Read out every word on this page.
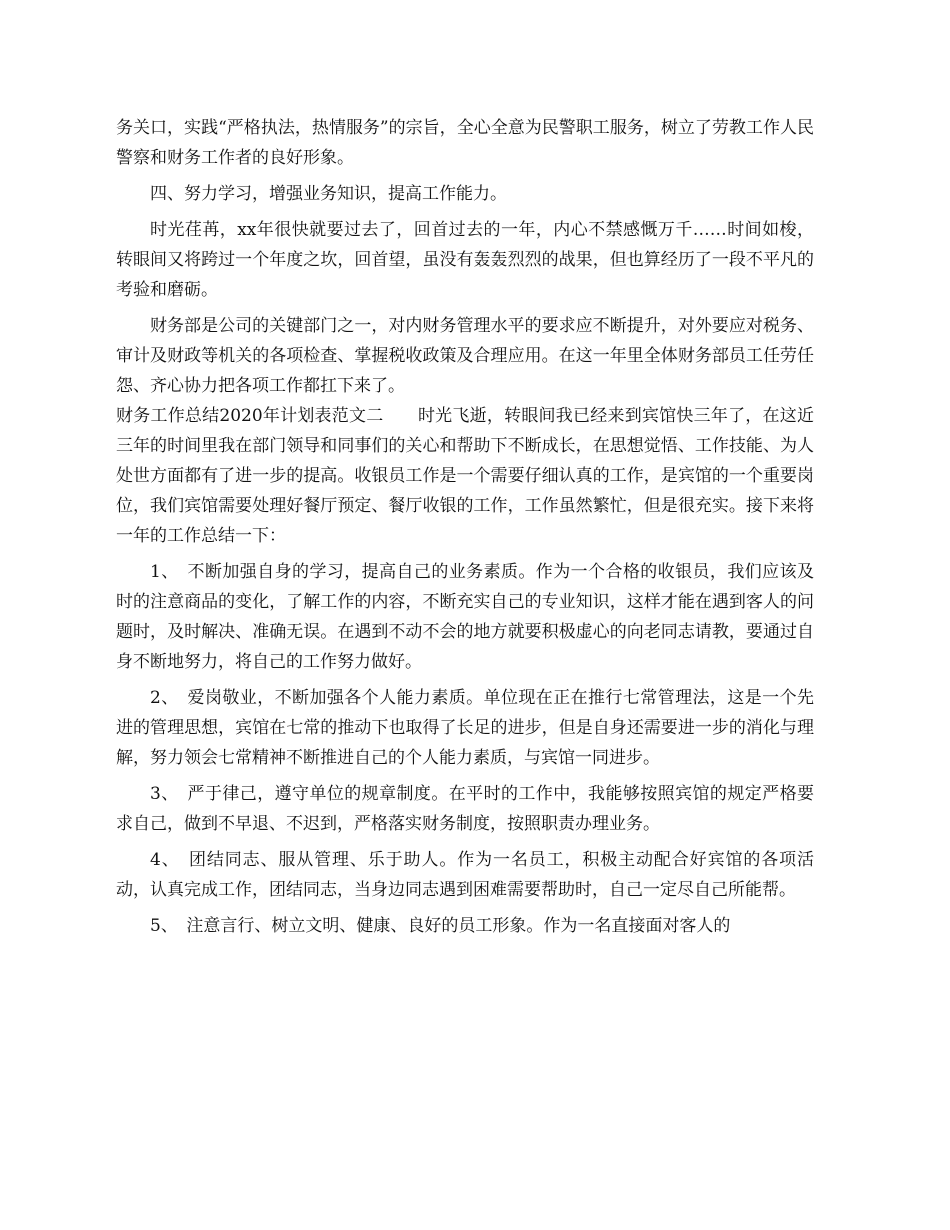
务关口，实践“严格执法，热情服务”的宗旨，全心全意为民警职工服务，树立了劳教工作人民警察和财务工作者的良好形象。

四、努力学习，增强业务知识，提高工作能力。

时光荏苒，xx年很快就要过去了，回首过去的一年，内心不禁感慨万千……时间如梭，转眼间又将跨过一个年度之坎，回首望，虽没有轰轰烈烈的战果，但也算经历了一段不平凡的考验和磨砺。

财务部是公司的关键部门之一，对内财务管理水平的要求应不断提升，对外要应对税务、审计及财政等机关的各项检查、掌握税收政策及合理应用。在这一年里全体财务部员工任劳任怨、齐心协力把各项工作都扛下来了。

财务工作总结2020年计划表范文二　　时光飞逝，转眼间我已经来到宾馆快三年了，在这近三年的时间里我在部门领导和同事们的关心和帮助下不断成长，在思想觉悟、工作技能、为人处世方面都有了进一步的提高。收银员工作是一个需要仔细认真的工作，是宾馆的一个重要岗位，我们宾馆需要处理好餐厅预定、餐厅收银的工作，工作虽然繁忙，但是很充实。接下来将一年的工作总结一下：

1、　不断加强自身的学习，提高自己的业务素质。作为一个合格的收银员，我们应该及时的注意商品的变化，了解工作的内容，不断充实自己的专业知识，这样才能在遇到客人的问题时，及时解决、准确无误。在遇到不动不会的地方就要积极虚心的向老同志请教，要通过自身不断地努力，将自己的工作努力做好。

2、　爱岗敬业，不断加强各个人能力素质。单位现在正在推行七常管理法，这是一个先进的管理思想，宾馆在七常的推动下也取得了长足的进步，但是自身还需要进一步的消化与理解，努力领会七常精神不断推进自己的个人能力素质，与宾馆一同进步。

3、　严于律己，遵守单位的规章制度。在平时的工作中，我能够按照宾馆的规定严格要求自己，做到不早退、不迟到，严格落实财务制度，按照职责办理业务。

4、　团结同志、服从管理、乐于助人。作为一名员工，积极主动配合好宾馆的各项活动，认真完成工作，团结同志，当身边同志遇到困难需要帮助时，自己一定尽自己所能帮。

5、　注意言行、树立文明、健康、良好的员工形象。作为一名直接面对客人的
